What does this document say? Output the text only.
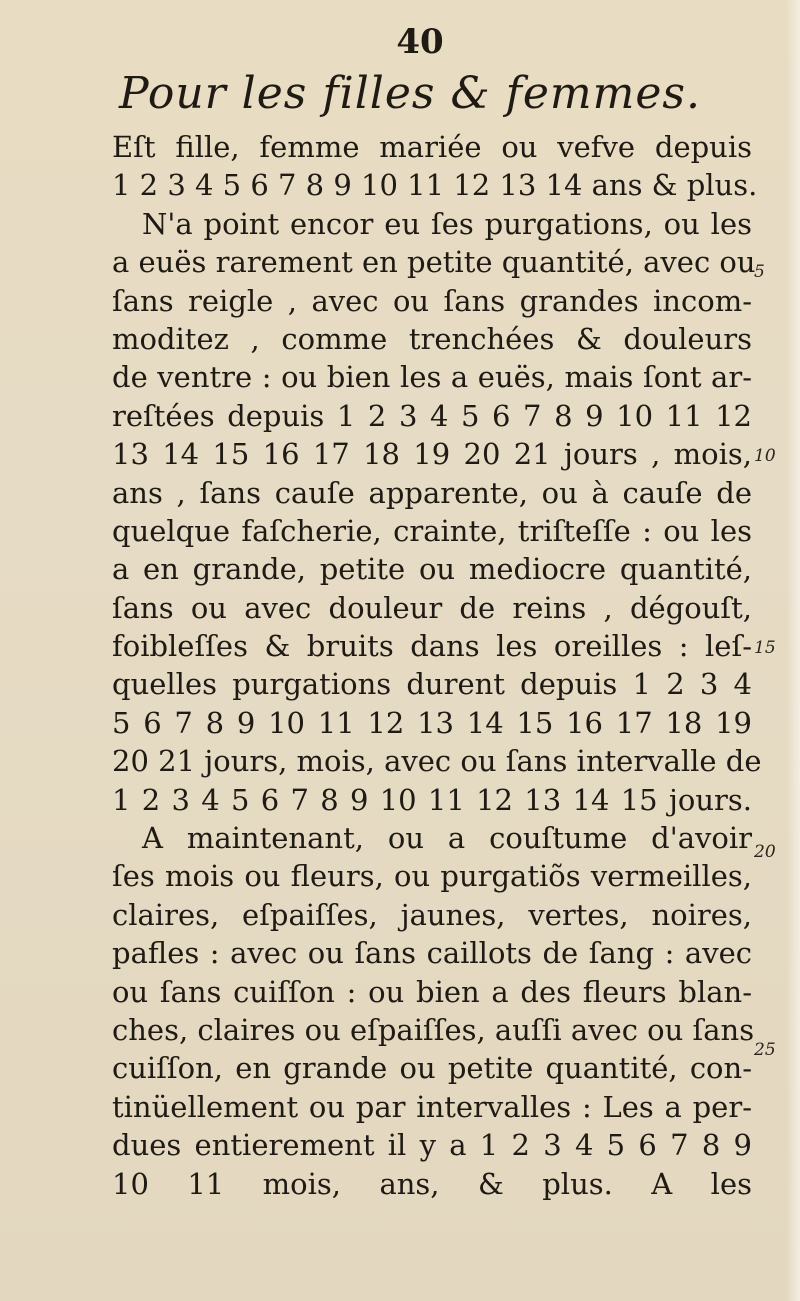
40
Pour les filles & femmes.
Eſt fille, femme mariée ou vefve depuis
1 2 3 4 5 6 7 8 9 10 11 12 13 14 ans & plus.
N'a point encor eu ſes purgations, ou les
a euës rarement en petite quantité, avec ou
ſans reigle , avec ou ſans grandes incom-
moditez , comme trenchées & douleurs
de ventre : ou bien les a euës, mais ſont ar-
reſtées depuis 1 2 3 4 5 6 7 8 9 10 11 12
13 14 15 16 17 18 19 20 21 jours , mois,
ans , ſans cauſe apparente, ou à cauſe de
quelque faſcherie, crainte, triſteſſe : ou les
a en grande, petite ou mediocre quantité,
ſans ou avec douleur de reins , dégouſt,
foibleſſes & bruits dans les oreilles : leſ-
quelles purgations durent depuis 1 2 3 4
5 6 7 8 9 10 11 12 13 14 15 16 17 18 19
20 21 jours, mois, avec ou ſans intervalle de
1 2 3 4 5 6 7 8 9 10 11 12 13 14 15 jours.
A maintenant, ou a couſtume d'avoir
ſes mois ou fleurs, ou purgatiõs vermeilles,
claires, eſpaiſſes, jaunes, vertes, noires,
pafles : avec ou ſans caillots de ſang : avec
ou ſans cuiſſon : ou bien a des fleurs blan-
ches, claires ou eſpaiſſes, auſſi avec ou ſans
cuiſſon, en grande ou petite quantité, con-
tinüellement ou par intervalles : Les a per-
dues entierement il y a 1 2 3 4 5 6 7 8 9
10 11 mois, ans, & plus. A les
5
10
15
20
25
